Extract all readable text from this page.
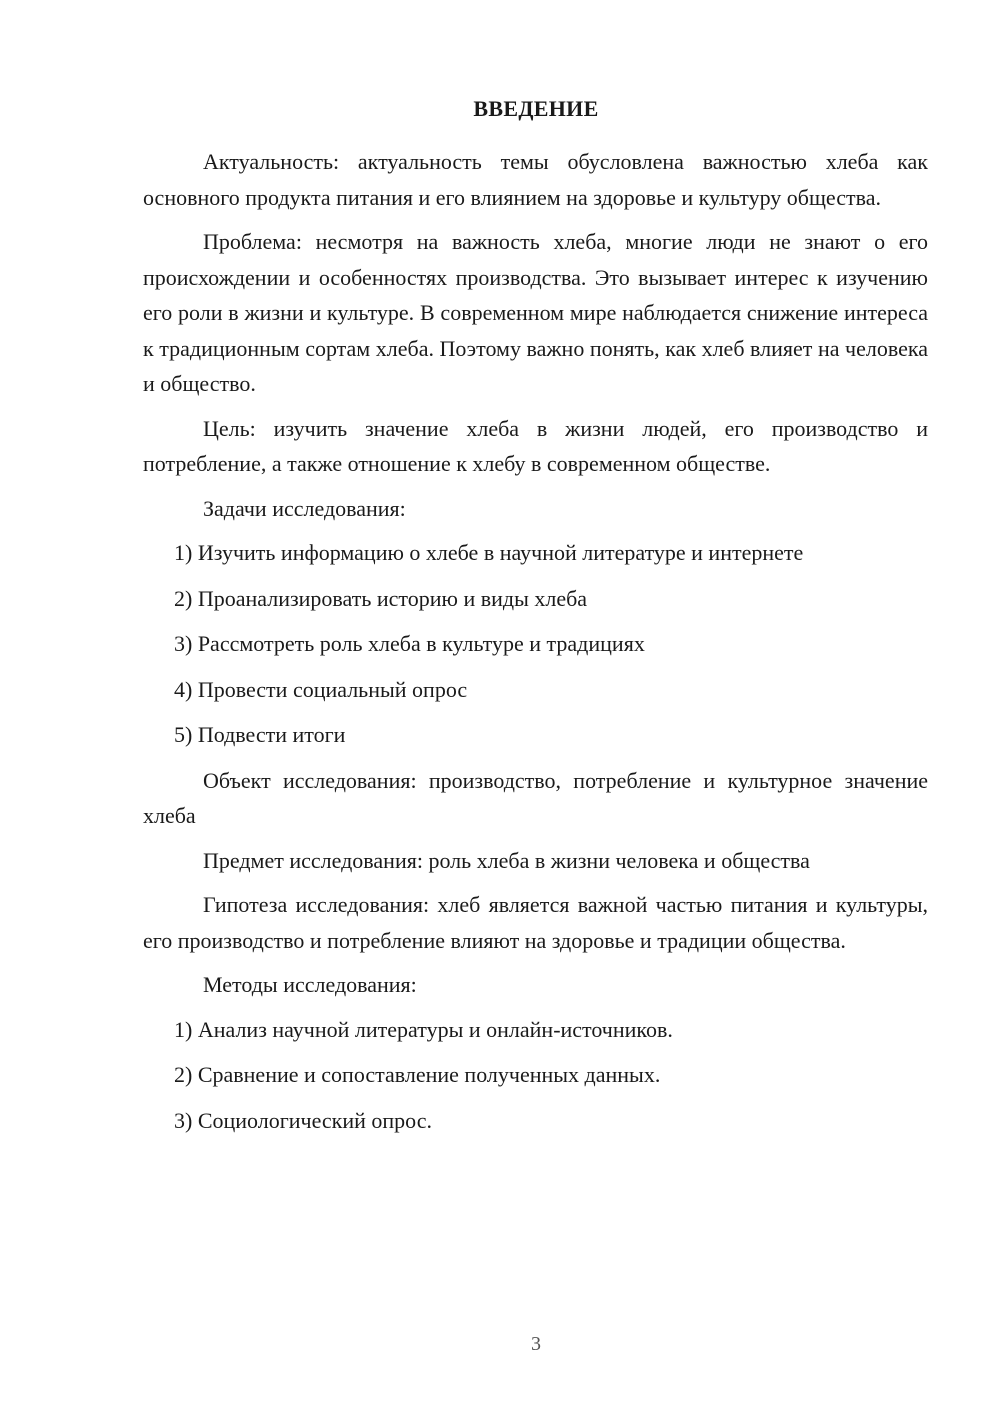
ВВЕДЕНИЕ

Актуальность: актуальность темы обусловлена важностью хлеба как основного продукта питания и его влиянием на здоровье и культуру общества.

Проблема: несмотря на важность хлеба, многие люди не знают о его происхождении и особенностях производства. Это вызывает интерес к изучению его роли в жизни и культуре. В современном мире наблюдается снижение интереса к традиционным сортам хлеба. Поэтому важно понять, как хлеб влияет на человека и общество.

Цель: изучить значение хлеба в жизни людей, его производство и потребление, а также отношение к хлебу в современном обществе.

Задачи исследования:

1) Изучить информацию о хлебе в научной литературе и интернете
2) Проанализировать историю и виды хлеба
3) Рассмотреть роль хлеба в культуре и традициях
4) Провести социальный опрос
5) Подвести итоги

Объект исследования: производство, потребление и культурное значение хлеба

Предмет исследования: роль хлеба в жизни человека и общества

Гипотеза исследования: хлеб является важной частью питания и культуры, его производство и потребление влияют на здоровье и традиции общества.

Методы исследования:

1) Анализ научной литературы и онлайн-источников.
2) Сравнение и сопоставление полученных данных.
3) Социологический опрос.
3
